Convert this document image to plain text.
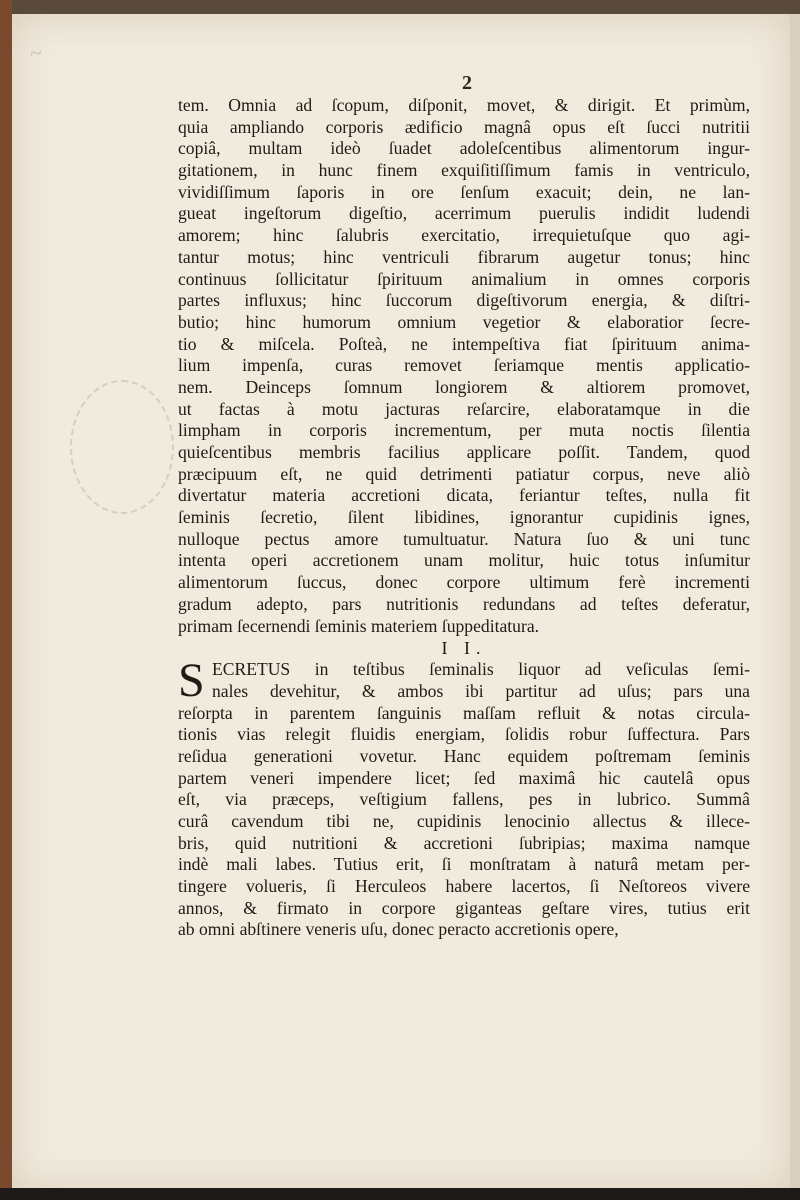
~
2
tem. Omnia ad ſcopum, diſponit, movet, & dirigit. Et primùm,
quia ampliando corporis ædificio magnâ opus eſt ſucci nutritii
copiâ, multam ideò ſuadet adoleſcentibus alimentorum ingur-
gitationem, in hunc finem exquiſitiſſimum famis in ventriculo,
vividiſſimum ſaporis in ore ſenſum exacuit; dein, ne lan-
gueat ingeſtorum digeſtio, acerrimum puerulis indidit ludendi
amorem; hinc ſalubris exercitatio, irrequietuſque quo agi-
tantur motus; hinc ventriculi fibrarum augetur tonus; hinc
continuus ſollicitatur ſpirituum animalium in omnes corporis
partes influxus; hinc ſuccorum digeſtivorum energia, & diſtri-
butio; hinc humorum omnium vegetior & elaboratior ſecre-
tio & miſcela. Poſteà, ne intempeſtiva fiat ſpirituum anima-
lium impenſa, curas removet ſeriamque mentis applicatio-
nem. Deinceps ſomnum longiorem & altiorem promovet,
ut factas à motu jacturas reſarcire, elaboratamque in die
limpham in corporis incrementum, per muta noctis ſilentia
quieſcentibus membris facilius applicare poſſit. Tandem, quod
præcipuum eſt, ne quid detrimenti patiatur corpus, neve aliò
divertatur materia accretioni dicata, feriantur teſtes, nulla fit
ſeminis ſecretio, ſilent libidines, ignorantur cupidinis ignes,
nulloque pectus amore tumultuatur. Natura ſuo & uni tunc
intenta operi accretionem unam molitur, huic totus inſumitur
alimentorum ſuccus, donec corpore ultimum ferè incrementi
gradum adepto, pars nutritionis redundans ad teſtes deferatur,
primam ſecernendi ſeminis materiem ſuppeditatura.
I I.
S ECRETUS in teſtibus ſeminalis liquor ad veſiculas ſemi-
nales devehitur, & ambos ibi partitur ad uſus; pars una
reſorpta in parentem ſanguinis maſſam refluit & notas circula-
tionis vias relegit fluidis energiam, ſolidis robur ſuffectura. Pars
reſidua generationi vovetur. Hanc equidem poſtremam ſeminis
partem veneri impendere licet; ſed maximâ hic cautelâ opus
eſt, via præceps, veſtigium fallens, pes in lubrico. Summâ
curâ cavendum tibi ne, cupidinis lenocinio allectus & illece-
bris, quid nutritioni & accretioni ſubripias; maxima namque
indè mali labes. Tutius erit, ſi monſtratam à naturâ metam per-
tingere volueris, ſi Herculeos habere lacertos, ſi Neſtoreos vivere
annos, & firmato in corpore giganteas geſtare vires, tutius erit
ab omni abſtinere veneris uſu, donec peracto accretionis opere,
